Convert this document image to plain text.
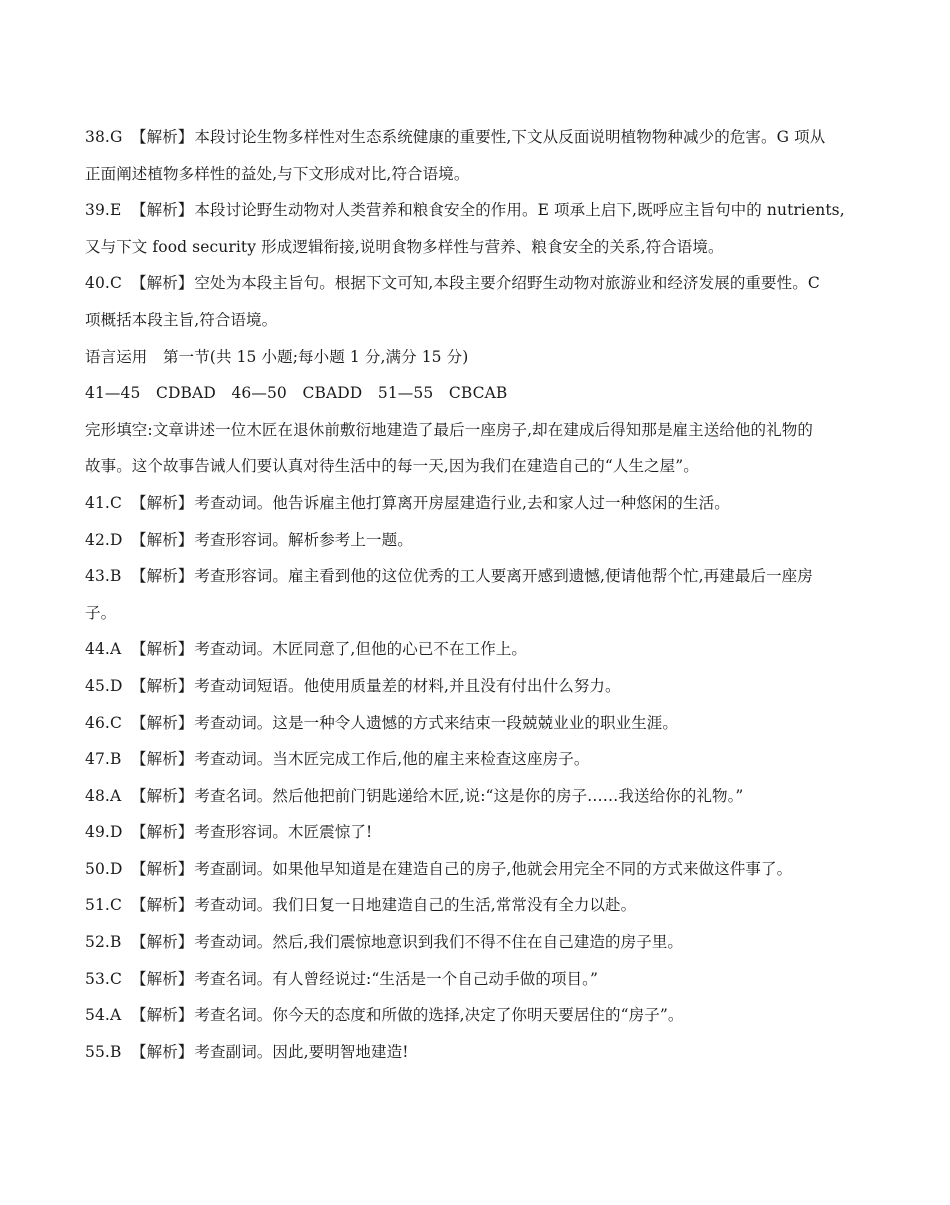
38.G 【解析】本段讨论生物多样性对生态系统健康的重要性,下文从反面说明植物物种减少的危害。G 项从
正面阐述植物多样性的益处,与下文形成对比,符合语境。
39.E 【解析】本段讨论野生动物对人类营养和粮食安全的作用。E 项承上启下,既呼应主旨句中的 nutrients,
又与下文 food security 形成逻辑衔接,说明食物多样性与营养、粮食安全的关系,符合语境。
40.C 【解析】空处为本段主旨句。根据下文可知,本段主要介绍野生动物对旅游业和经济发展的重要性。C
项概括本段主旨,符合语境。
语言运用　第一节(共 15 小题;每小题 1 分,满分 15 分)
41—45　CDBAD　46—50　CBADD　51—55　CBCAB
完形填空:文章讲述一位木匠在退休前敷衍地建造了最后一座房子,却在建成后得知那是雇主送给他的礼物的
故事。这个故事告诫人们要认真对待生活中的每一天,因为我们在建造自己的“人生之屋”。
41.C 【解析】考查动词。他告诉雇主他打算离开房屋建造行业,去和家人过一种悠闲的生活。
42.D 【解析】考查形容词。解析参考上一题。
43.B 【解析】考查形容词。雇主看到他的这位优秀的工人要离开感到遗憾,便请他帮个忙,再建最后一座房
子。
44.A 【解析】考查动词。木匠同意了,但他的心已不在工作上。
45.D 【解析】考查动词短语。他使用质量差的材料,并且没有付出什么努力。
46.C 【解析】考查动词。这是一种令人遗憾的方式来结束一段兢兢业业的职业生涯。
47.B 【解析】考查动词。当木匠完成工作后,他的雇主来检查这座房子。
48.A 【解析】考查名词。然后他把前门钥匙递给木匠,说:“这是你的房子……我送给你的礼物。”
49.D 【解析】考查形容词。木匠震惊了!
50.D 【解析】考查副词。如果他早知道是在建造自己的房子,他就会用完全不同的方式来做这件事了。
51.C 【解析】考查动词。我们日复一日地建造自己的生活,常常没有全力以赴。
52.B 【解析】考查动词。然后,我们震惊地意识到我们不得不住在自己建造的房子里。
53.C 【解析】考查名词。有人曾经说过:“生活是一个自己动手做的项目。”
54.A 【解析】考查名词。你今天的态度和所做的选择,决定了你明天要居住的“房子”。
55.B 【解析】考查副词。因此,要明智地建造!
